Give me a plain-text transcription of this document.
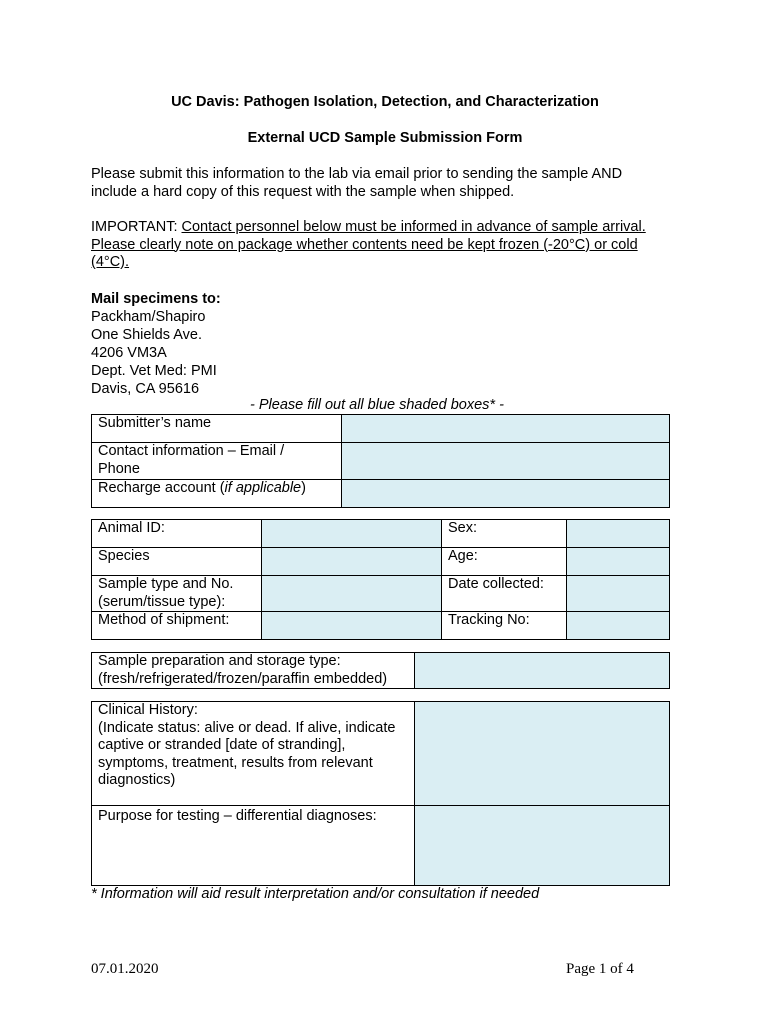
UC Davis: Pathogen Isolation, Detection, and Characterization
External UCD Sample Submission Form
Please submit this information to the lab via email prior to sending the sample AND
include a hard copy of this request with the sample when shipped.
IMPORTANT: Contact personnel below must be informed in advance of sample arrival.
Please clearly note on package whether contents need be kept frozen (-20°C) or cold
(4°C).
Mail specimens to:
Packham/Shapiro
One Shields Ave.
4206 VM3A
Dept. Vet Med: PMI
Davis, CA 95616
- Please fill out all blue shaded boxes* -
Submitter’s name	

Contact information – Email /
Phone	

Recharge account (if applicable)	
Animal ID:		Sex:	
Species		Age:	

Sample type and No.
(serum/tissue type):		Date collected:	
Method of shipment:		Tracking No:	
Sample preparation and storage type:
(fresh/refrigerated/frozen/paraffin embedded)

Clinical History:
(Indicate status: alive or dead. If alive, indicate
captive or stranded [date of stranding],
symptoms, treatment, results from relevant
diagnostics)	

Purpose for testing – differential diagnoses:	
* Information will aid result interpretation and/or consultation if needed
07.01.2020	Page 1 of 4
